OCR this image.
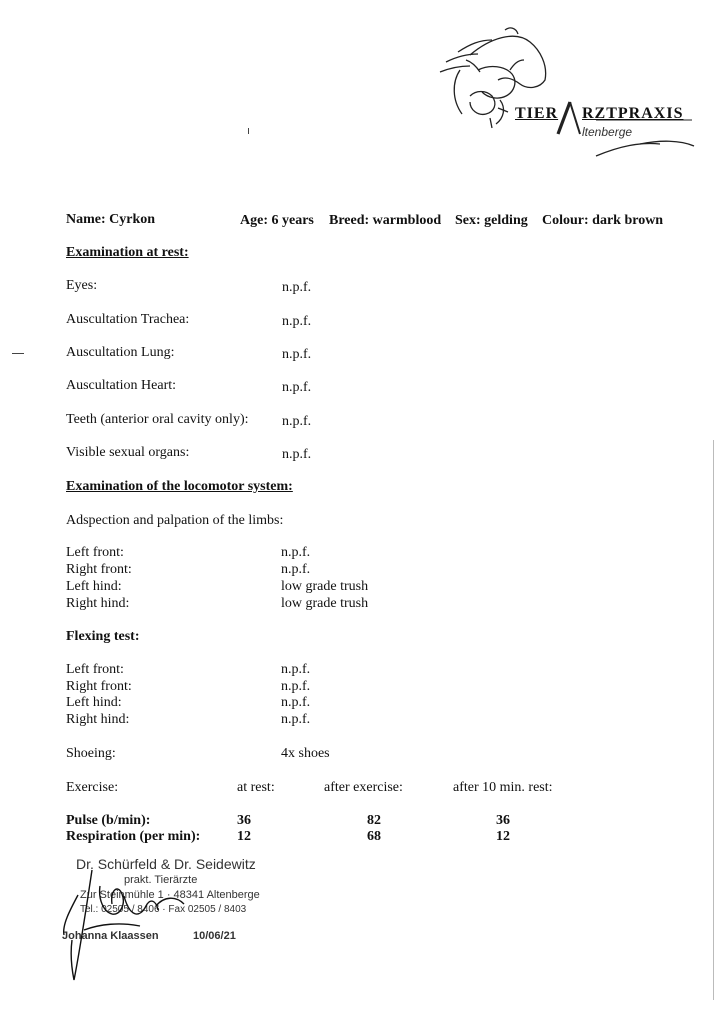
TIER RZTPRAXIS
ltenberge
Name: Cyrkon	Age: 6 years Breed: warmblood Sex: gelding Colour: dark brown
Examination at rest:
Eyes:	n.p.f.
Auscultation Trachea:	n.p.f.
Auscultation Lung:	n.p.f.
Auscultation Heart:	n.p.f.
Teeth (anterior oral cavity only): n.p.f.
Visible sexual organs:	n.p.f.
Examination of the locomotor system:
Adspection and palpation of the limbs:
Left front:	n.p.f.
Right front:	n.p.f.
Left hind:	low grade trush
Right hind:	low grade trush
Flexing test:
Left front:	n.p.f.
Right front:	n.p.f.
Left hind:	n.p.f.
Right hind:	n.p.f.
Shoeing:	4x shoes
Exercise:	at rest:	after exercise:	after 10 min. rest:
Pulse (b/min):	36	82	36
Respiration (per min):	12	68	12
Dr. Schürfeld & Dr. Seidewitz
prakt. Tierärzte
Zur Steinmühle 1 · 48341 Altenberge
Tel.: 02505 / 8406 · Fax 02505 / 8403
Johanna Klaassen	10/06/21
